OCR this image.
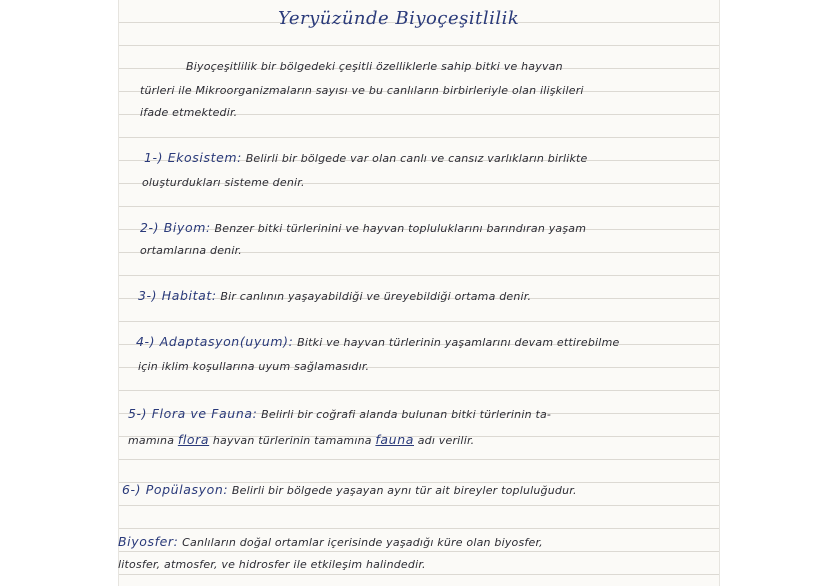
Yeryüzünde Biyoçeşitlilik
Biyoçeşitlilik bir bölgedeki çeşitli özelliklerle sahip bitki ve hayvan
türleri ile Mikroorganizmaların sayısı ve bu canlıların birbirleriyle olan ilişkileri
ifade etmektedir.
1-) Ekosistem: Belirli bir bölgede var olan canlı ve cansız varlıkların birlikte
oluşturdukları sisteme denir.
2-) Biyom: Benzer bitki türlerinini ve hayvan topluluklarını barındıran yaşam
ortamlarına denir.
3-) Habitat: Bir canlının yaşayabildiği ve üreyebildiği ortama denir.
4-) Adaptasyon(uyum): Bitki ve hayvan türlerinin yaşamlarını devam ettirebilme
için iklim koşullarına uyum sağlamasıdır.
5-) Flora ve Fauna: Belirli bir coğrafi alanda bulunan bitki türlerinin ta-
mamına flora hayvan türlerinin tamamına fauna adı verilir.
6-) Popülasyon: Belirli bir bölgede yaşayan aynı tür ait bireyler topluluğudur.
Biyosfer: Canlıların doğal ortamlar içerisinde yaşadığı küre olan biyosfer,
litosfer, atmosfer, ve hidrosfer ile etkileşim halindedir.
